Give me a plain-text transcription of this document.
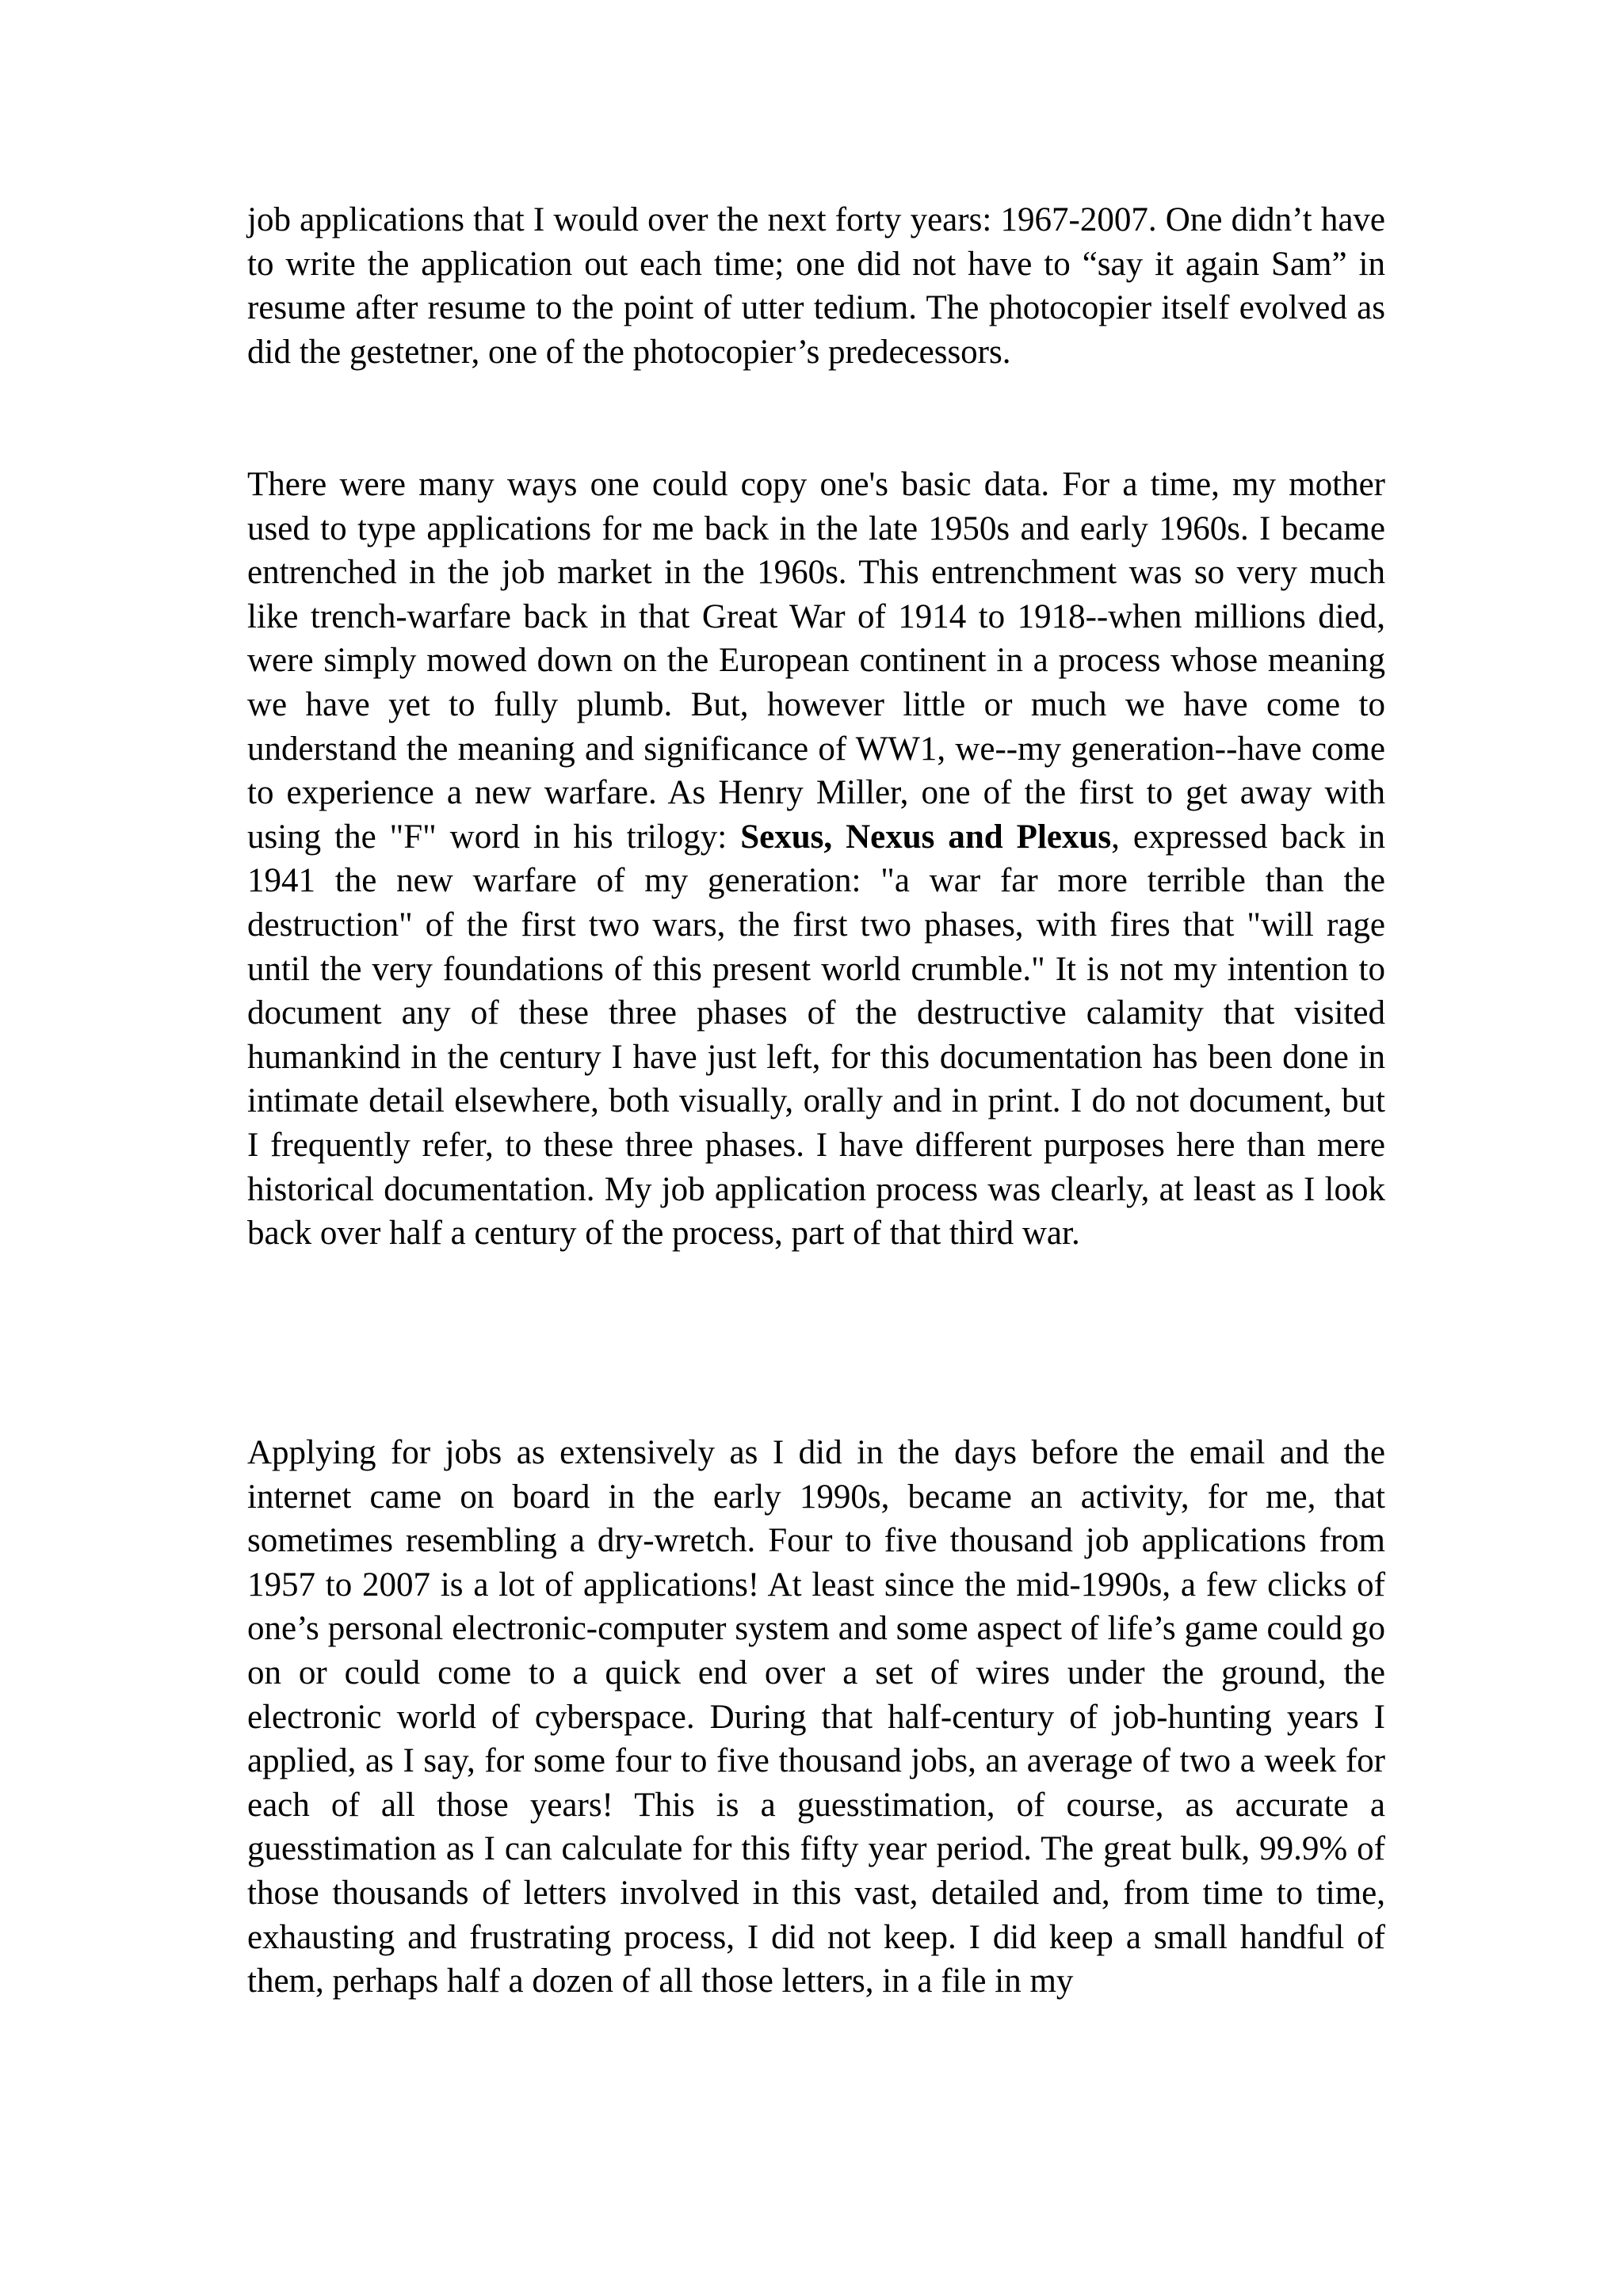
job applications that I would over the next forty years: 1967-2007. One didn’t have to write the application out each time; one did not have to “say it again Sam” in resume after resume to the point of utter tedium. The photocopier itself evolved as did the gestetner, one of the photocopier’s predecessors.

There were many ways one could copy one's basic data. For a time, my mother used to type applications for me back in the late 1950s and early 1960s. I became entrenched in the job market in the 1960s. This entrenchment was so very much like trench-warfare back in that Great War of 1914 to 1918--when millions died, were simply mowed down on the European continent in a process whose meaning we have yet to fully plumb. But, however little or much we have come to understand the meaning and significance of WW1, we--my generation--have come to experience a new warfare. As Henry Miller, one of the first to get away with using the "F" word in his trilogy: Sexus, Nexus and Plexus, expressed back in 1941 the new warfare of my generation: "a war far more terrible than the destruction" of the first two wars, the first two phases, with fires that "will rage until the very foundations of this present world crumble." It is not my intention to document any of these three phases of the destructive calamity that visited humankind in the century I have just left, for this documentation has been done in intimate detail elsewhere, both visually, orally and in print. I do not document, but I frequently refer, to these three phases. I have different purposes here than mere historical documentation. My job application process was clearly, at least as I look back over half a century of the process, part of that third war.

Applying for jobs as extensively as I did in the days before the email and the internet came on board in the early 1990s, became an activity, for me, that sometimes resembling a dry-wretch. Four to five thousand job applications from 1957 to 2007 is a lot of applications! At least since the mid-1990s, a few clicks of one’s personal electronic-computer system and some aspect of life’s game could go on or could come to a quick end over a set of wires under the ground, the electronic world of cyberspace. During that half-century of job-hunting years I applied, as I say, for some four to five thousand jobs, an average of two a week for each of all those years! This is a guesstimation, of course, as accurate a guesstimation as I can calculate for this fifty year period. The great bulk, 99.9% of those thousands of letters involved in this vast, detailed and, from time to time, exhausting and frustrating process, I did not keep. I did keep a small handful of them, perhaps half a dozen of all those letters, in a file in my
